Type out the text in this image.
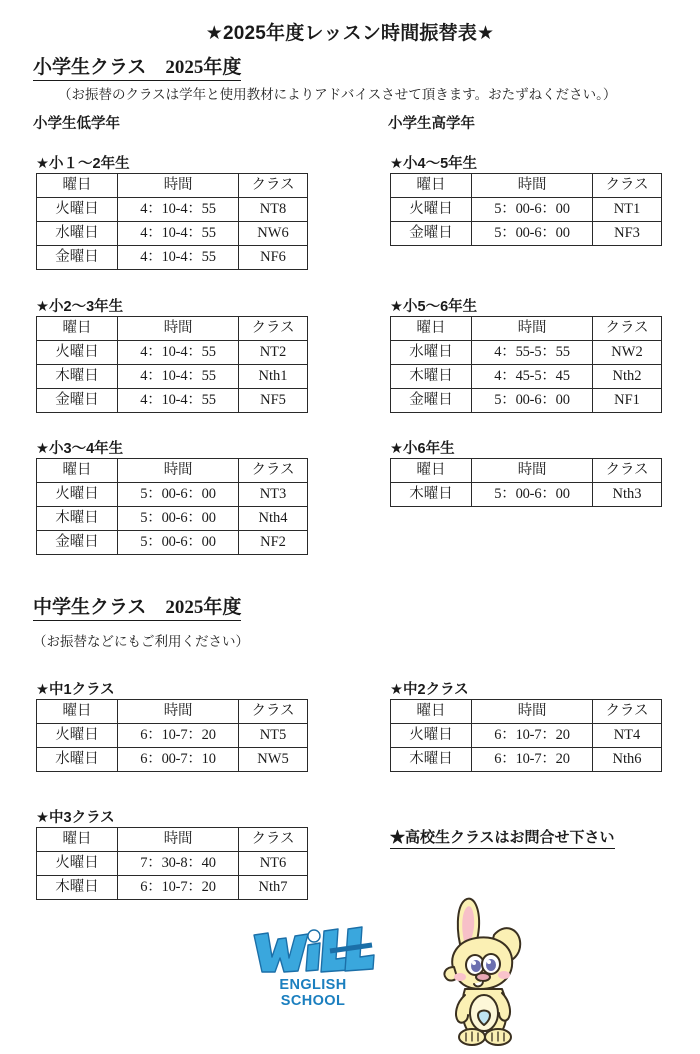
★2025年度レッスン時間振替表★
小学生クラス　2025年度
（お振替のクラスは学年と使用教材によりアドバイスさせて頂きます。おたずねください。）
小学生低学年	小学生高学年
★小１〜2年生
曜日	時間	クラス
火曜日	4：10-4：55	NT8
水曜日	4：10-4：55	NW6
金曜日	4：10-4：55	NF6
★小4〜5年生
曜日	時間	クラス
火曜日	5：00-6：00	NT1
金曜日	5：00-6：00	NF3
★小2〜3年生
曜日	時間	クラス
火曜日	4：10-4：55	NT2
木曜日	4：10-4：55	Nth1
金曜日	4：10-4：55	NF5
★小5〜6年生
曜日	時間	クラス
水曜日	4：55-5：55	NW2
木曜日	4：45-5：45	Nth2
金曜日	5：00-6：00	NF1
★小3〜4年生
曜日	時間	クラス
火曜日	5：00-6：00	NT3
木曜日	5：00-6：00	Nth4
金曜日	5：00-6：00	NF2
★小6年生
曜日	時間	クラス
木曜日	5：00-6：00	Nth3
中学生クラス　2025年度
（お振替などにもご利用ください）
★中1クラス
曜日	時間	クラス
火曜日	6：10-7：20	NT5
水曜日	6：00-7：10	NW5
★中2クラス
曜日	時間	クラス
火曜日	6：10-7：20	NT4
木曜日	6：10-7：20	Nth6
★中3クラス
曜日	時間	クラス
火曜日	7：30-8：40	NT6
木曜日	6：10-7：20	Nth7
★高校生クラスはお問合せ下さい
ENGLISH SCHOOL
